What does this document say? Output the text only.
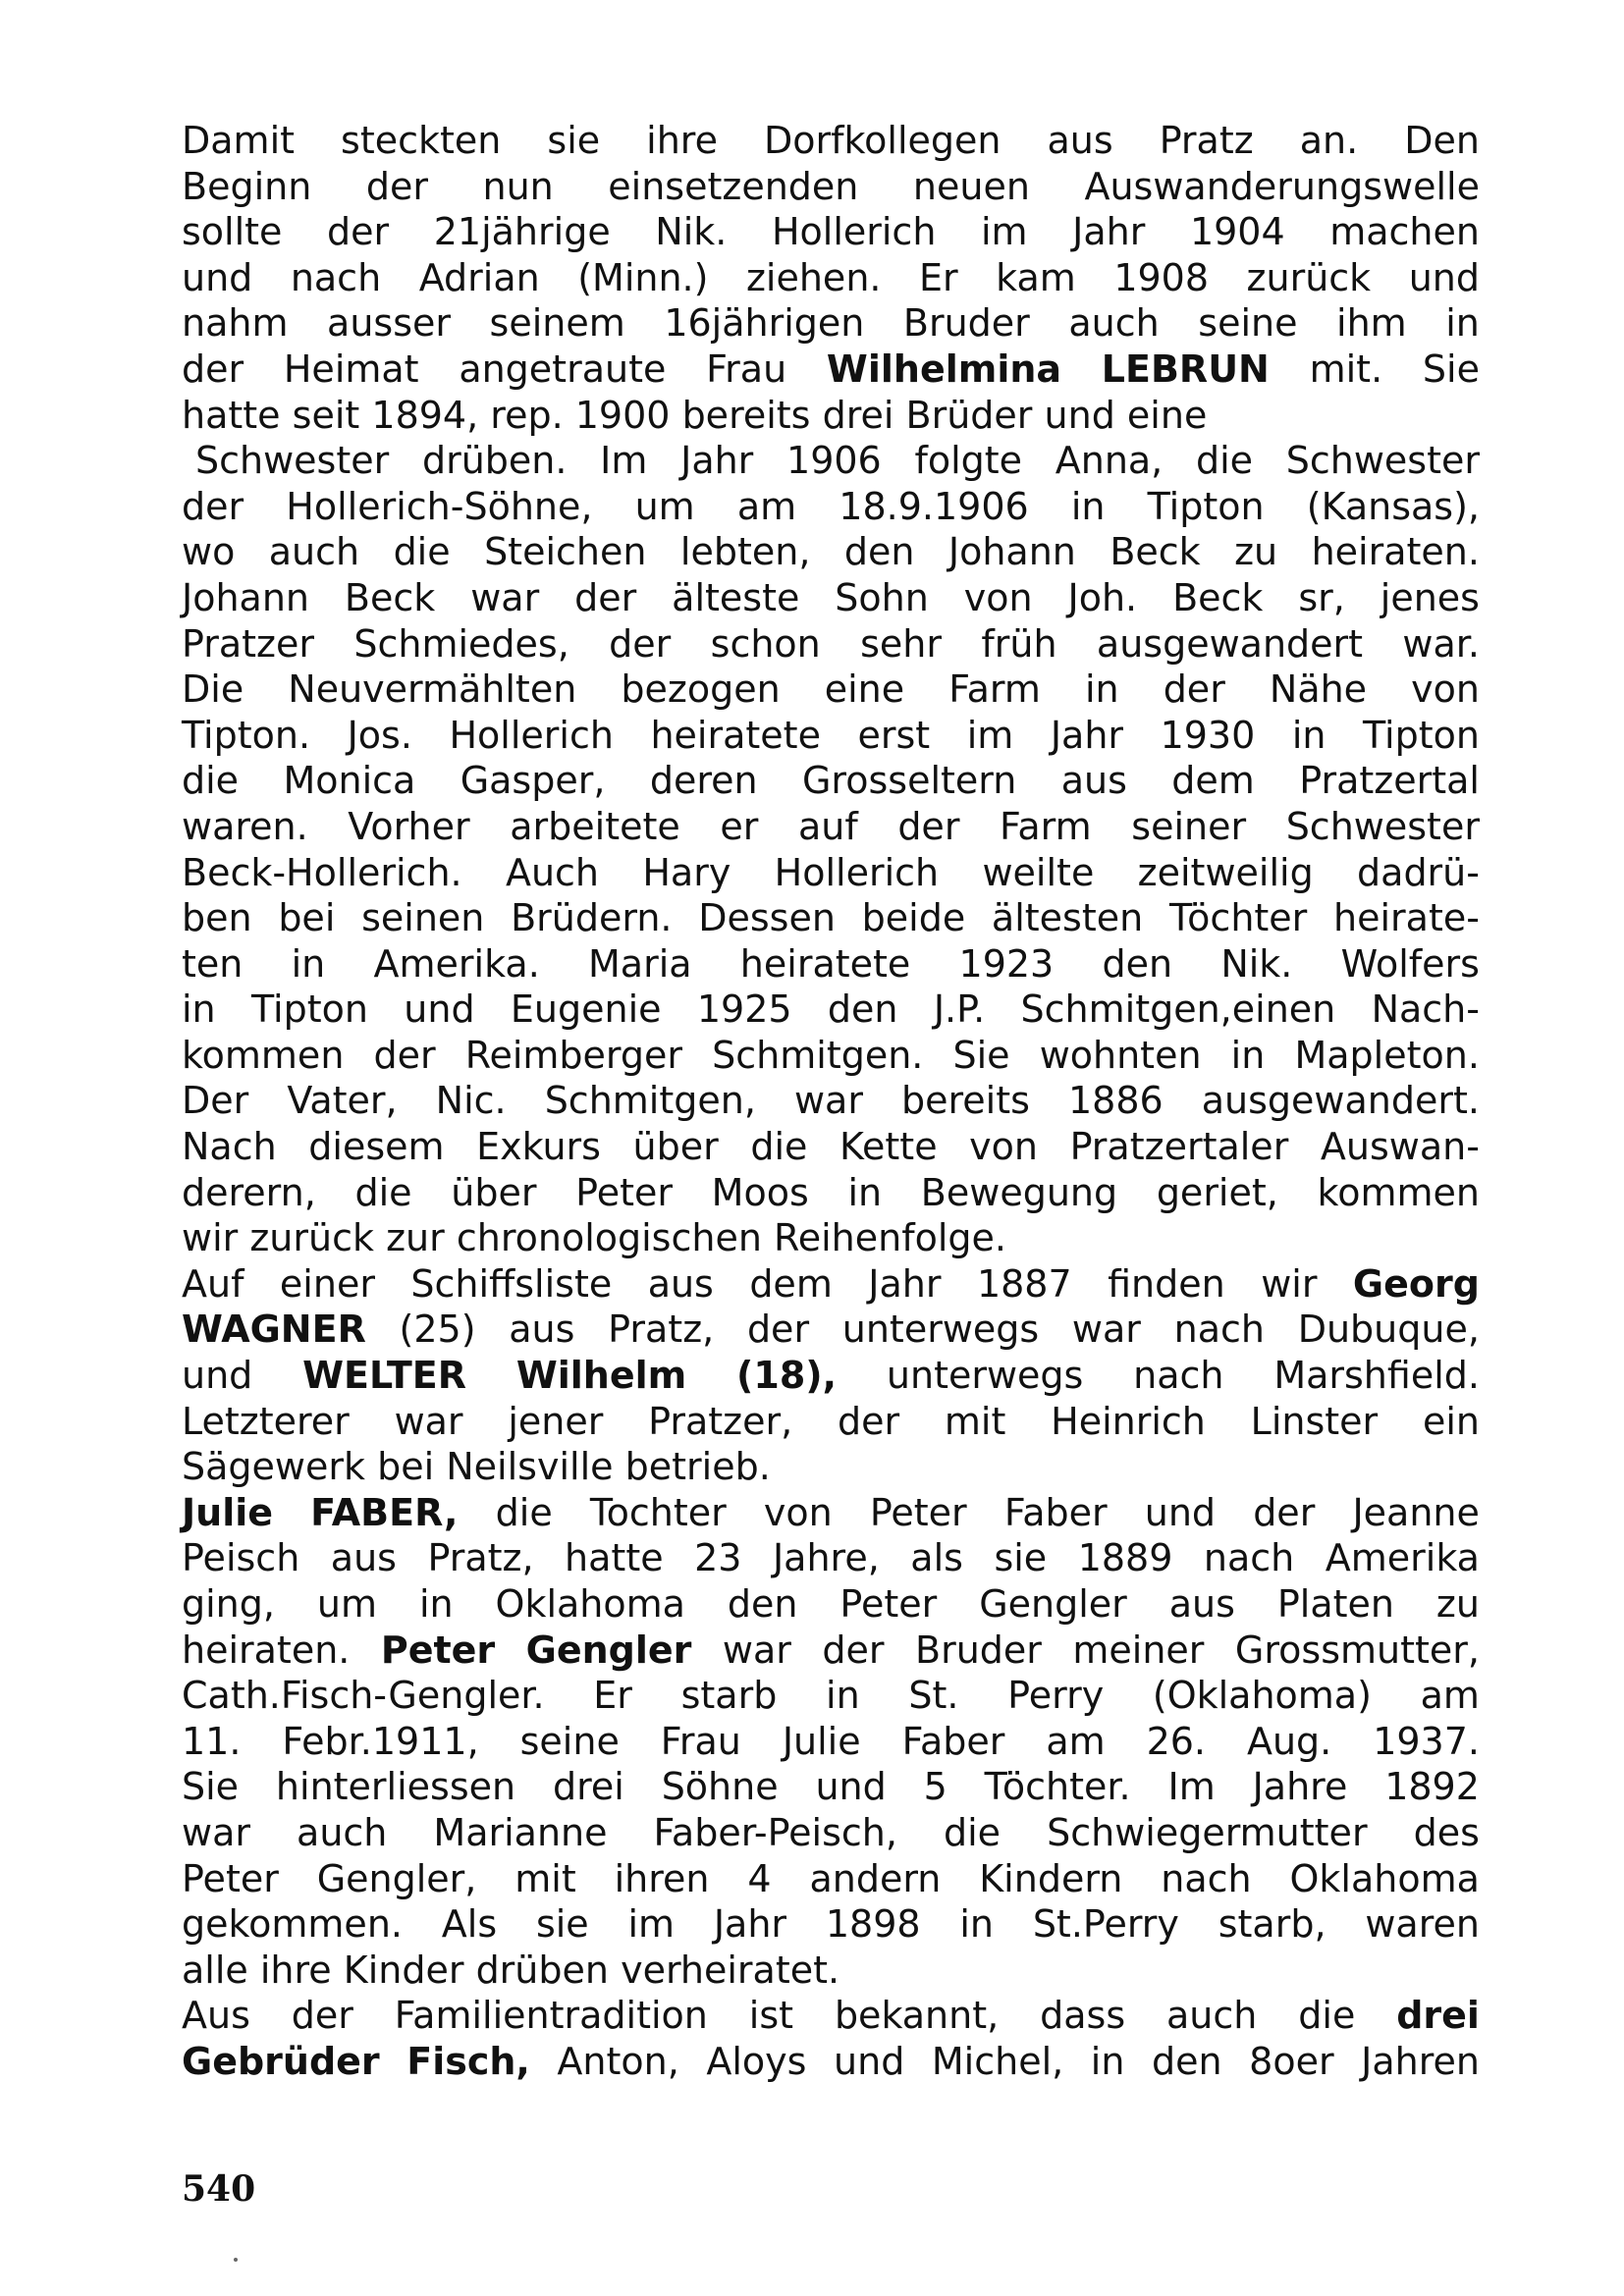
Damit steckten sie ihre Dorfkollegen aus Pratz an. Den
Beginn der nun einsetzenden neuen Auswanderungswelle
sollte der 21jährige Nik. Hollerich im Jahr 1904 machen
und nach Adrian (Minn.) ziehen. Er kam 1908 zurück und
nahm ausser seinem 16jährigen Bruder auch seine ihm in
der Heimat angetraute Frau Wilhelmina LEBRUN mit. Sie
hatte seit 1894, rep. 1900 bereits drei Brüder und eine
Schwester drüben. Im Jahr 1906 folgte Anna, die Schwester
der Hollerich-Söhne, um am 18.9.1906 in Tipton (Kansas),
wo auch die Steichen lebten, den Johann Beck zu heiraten.
Johann Beck war der älteste Sohn von Joh. Beck sr, jenes
Pratzer Schmiedes, der schon sehr früh ausgewandert war.
Die Neuvermählten bezogen eine Farm in der Nähe von
Tipton. Jos. Hollerich heiratete erst im Jahr 1930 in Tipton
die Monica Gasper, deren Grosseltern aus dem Pratzertal
waren. Vorher arbeitete er auf der Farm seiner Schwester
Beck-Hollerich. Auch Hary Hollerich weilte zeitweilig dadrü-
ben bei seinen Brüdern. Dessen beide ältesten Töchter heirate-
ten in Amerika. Maria heiratete 1923 den Nik. Wolfers
in Tipton und Eugenie 1925 den J.P. Schmitgen,einen Nach-
kommen der Reimberger Schmitgen. Sie wohnten in Mapleton.
Der Vater, Nic. Schmitgen, war bereits 1886 ausgewandert.
Nach diesem Exkurs über die Kette von Pratzertaler Auswan-
derern, die über Peter Moos in Bewegung geriet, kommen
wir zurück zur chronologischen Reihenfolge.
Auf einer Schiffsliste aus dem Jahr 1887 finden wir Georg
WAGNER (25) aus Pratz, der unterwegs war nach Dubuque,
und WELTER Wilhelm (18), unterwegs nach Marshfield.
Letzterer war jener Pratzer, der mit Heinrich Linster ein
Sägewerk bei Neilsville betrieb.
Julie FABER, die Tochter von Peter Faber und der Jeanne
Peisch aus Pratz, hatte 23 Jahre, als sie 1889 nach Amerika
ging, um in Oklahoma den Peter Gengler aus Platen zu
heiraten. Peter Gengler war der Bruder meiner Grossmutter,
Cath.Fisch-Gengler. Er starb in St. Perry (Oklahoma) am
11. Febr.1911, seine Frau Julie Faber am 26. Aug. 1937.
Sie hinterliessen drei Söhne und 5 Töchter. Im Jahre 1892
war auch Marianne Faber-Peisch, die Schwiegermutter des
Peter Gengler, mit ihren 4 andern Kindern nach Oklahoma
gekommen. Als sie im Jahr 1898 in St.Perry starb, waren
alle ihre Kinder drüben verheiratet.
Aus der Familientradition ist bekannt, dass auch die drei
Gebrüder Fisch, Anton, Aloys und Michel, in den 8oer Jahren
540
